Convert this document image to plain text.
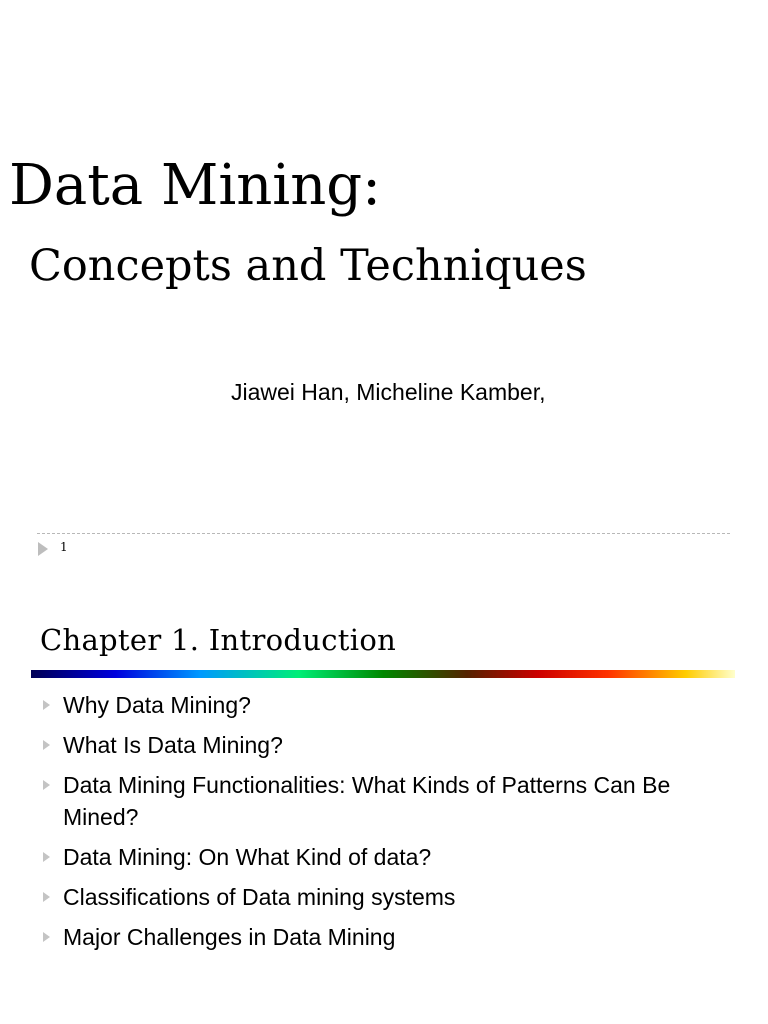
Data Mining:
Concepts and Techniques
Jiawei Han, Micheline Kamber,
1
Chapter 1. Introduction
Why Data Mining?
What Is Data Mining?
Data Mining Functionalities: What Kinds of Patterns Can Be Mined?
Data Mining: On What Kind of data?
Classifications of Data mining systems
Major Challenges in Data Mining
